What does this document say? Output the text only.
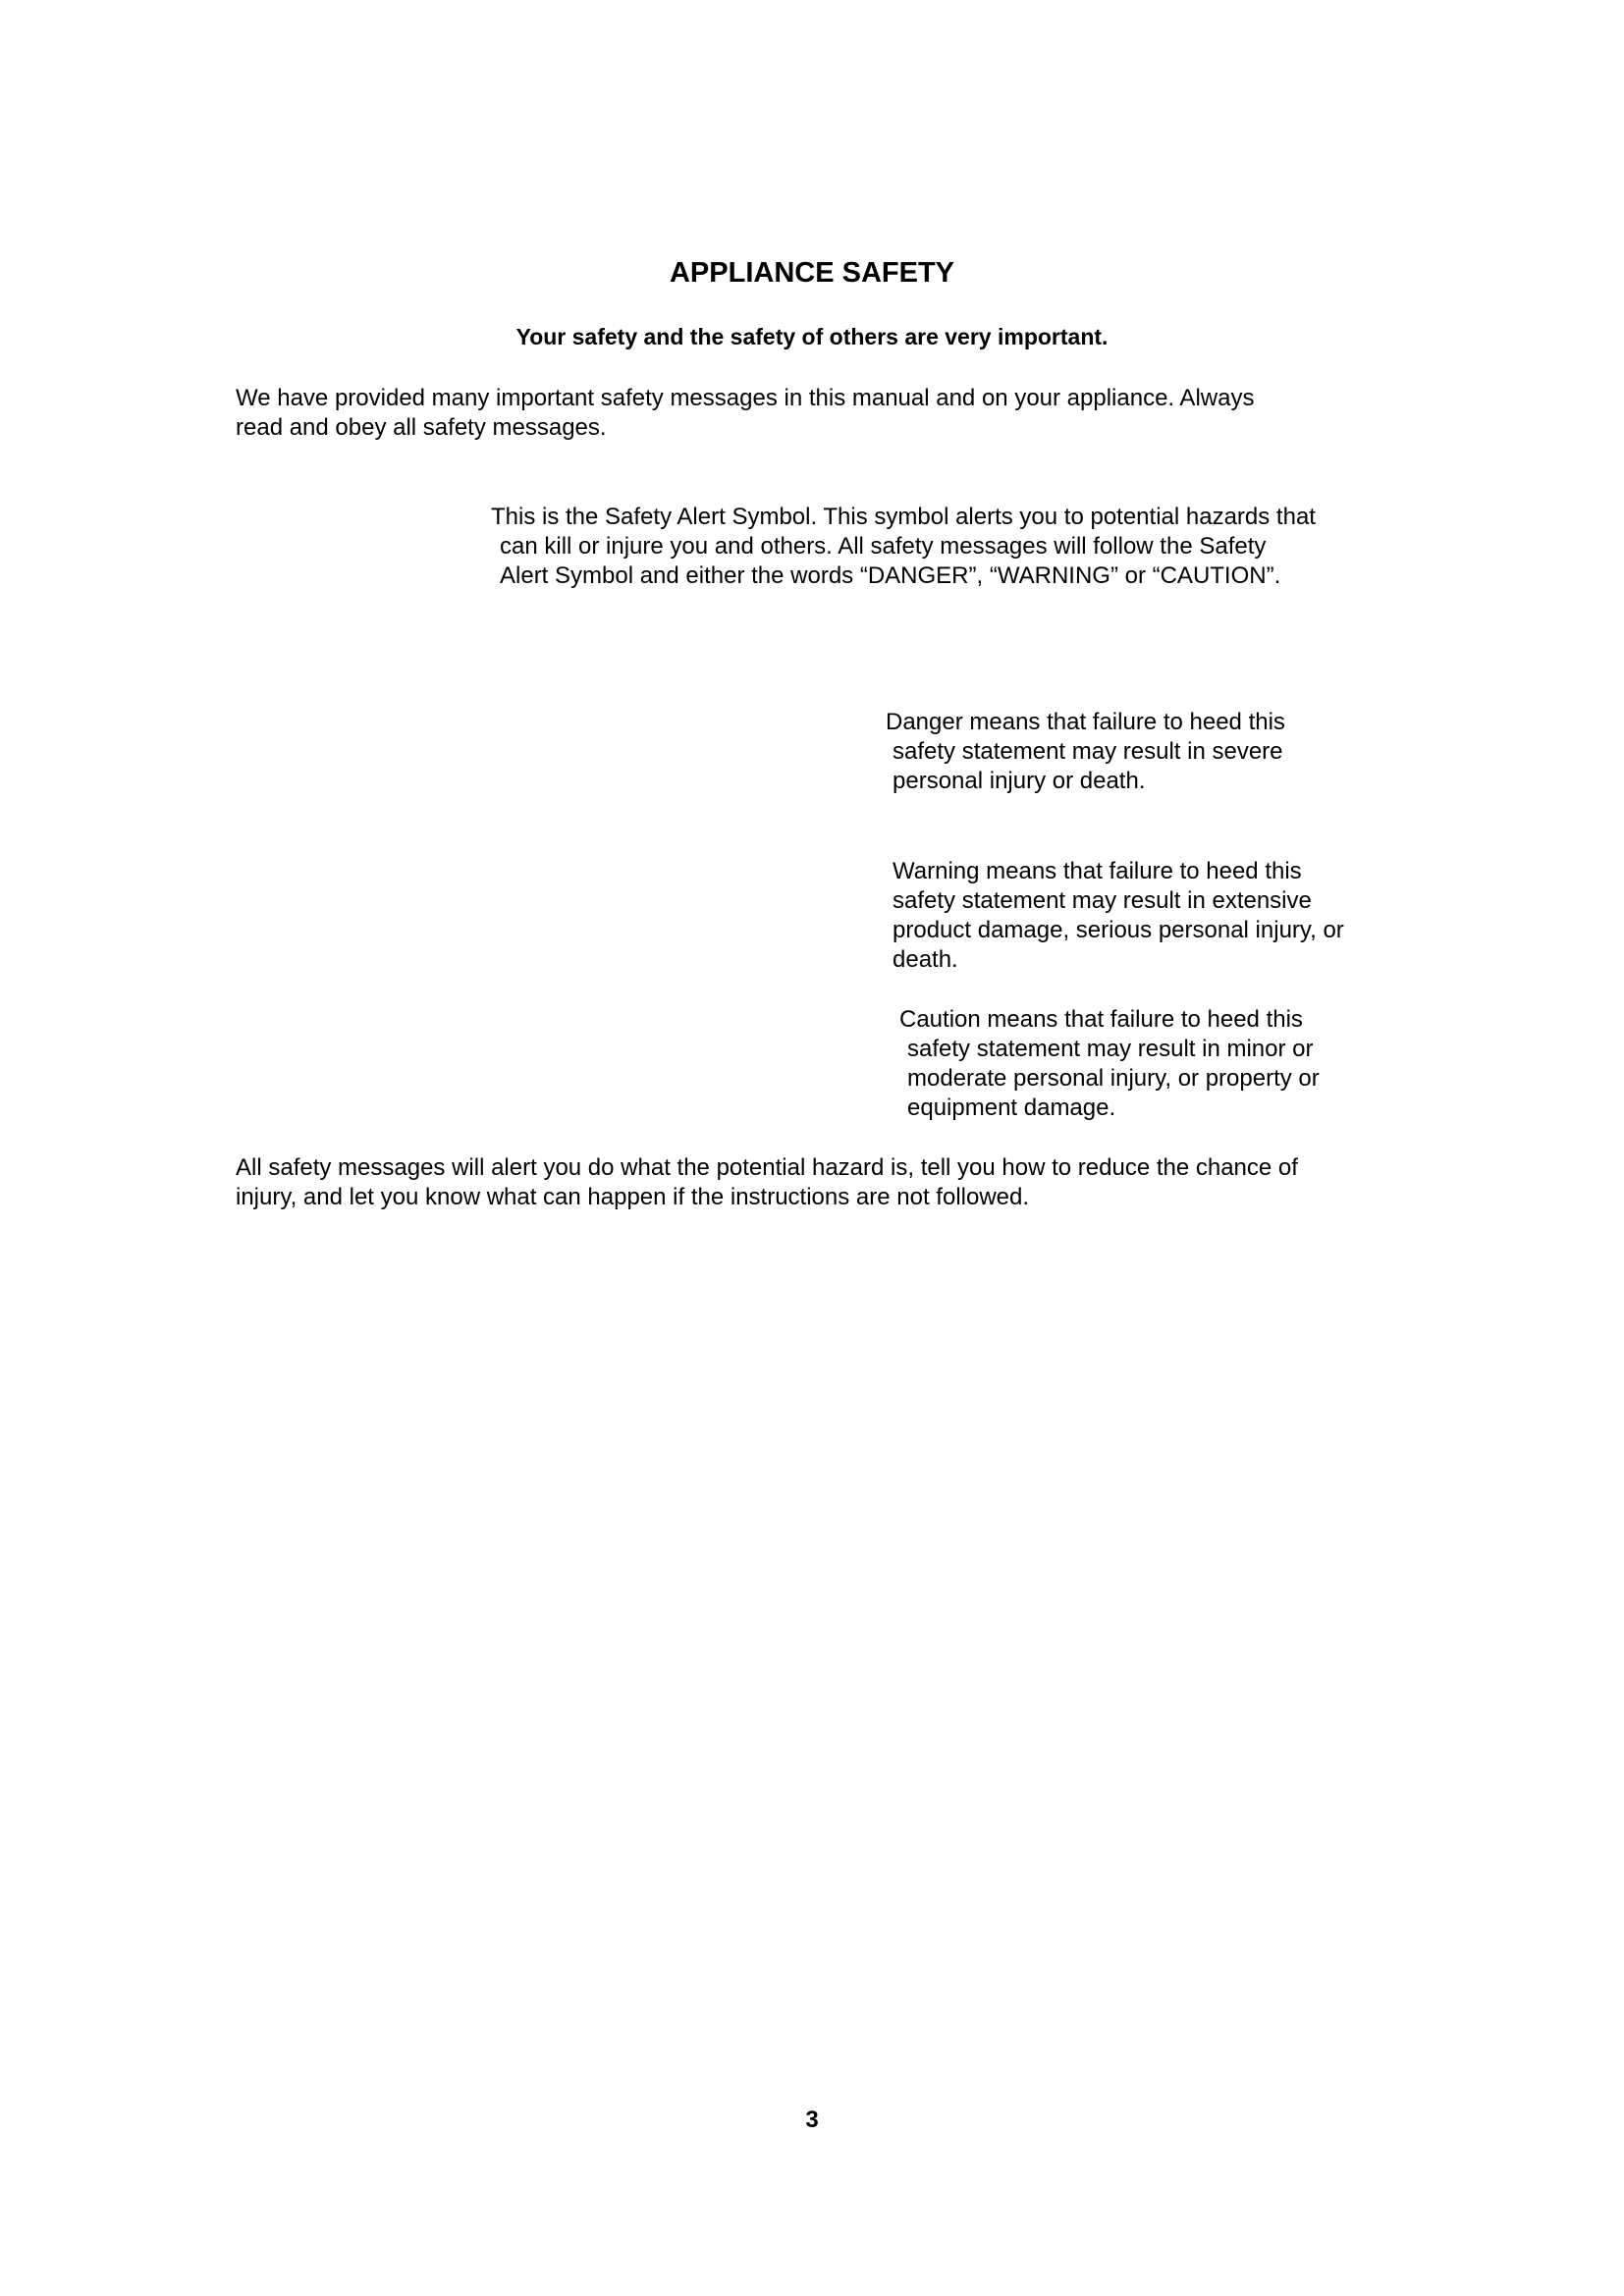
APPLIANCE SAFETY
Your safety and the safety of others are very important.
We have provided many important safety messages in this manual and on your appliance. Always
read and obey all safety messages.
This is the Safety Alert Symbol. This symbol alerts you to potential hazards that
can kill or injure you and others. All safety messages will follow the Safety
Alert Symbol and either the words “DANGER”, “WARNING” or “CAUTION”.
Danger means that failure to heed this
safety statement may result in severe
personal injury or death.
Warning means that failure to heed this
safety statement may result in extensive
product damage, serious personal injury, or
death.
Caution means that failure to heed this
safety statement may result in minor or
moderate personal injury, or property or
equipment damage.
All safety messages will alert you do what the potential hazard is, tell you how to reduce the chance of
injury, and let you know what can happen if the instructions are not followed.
3
